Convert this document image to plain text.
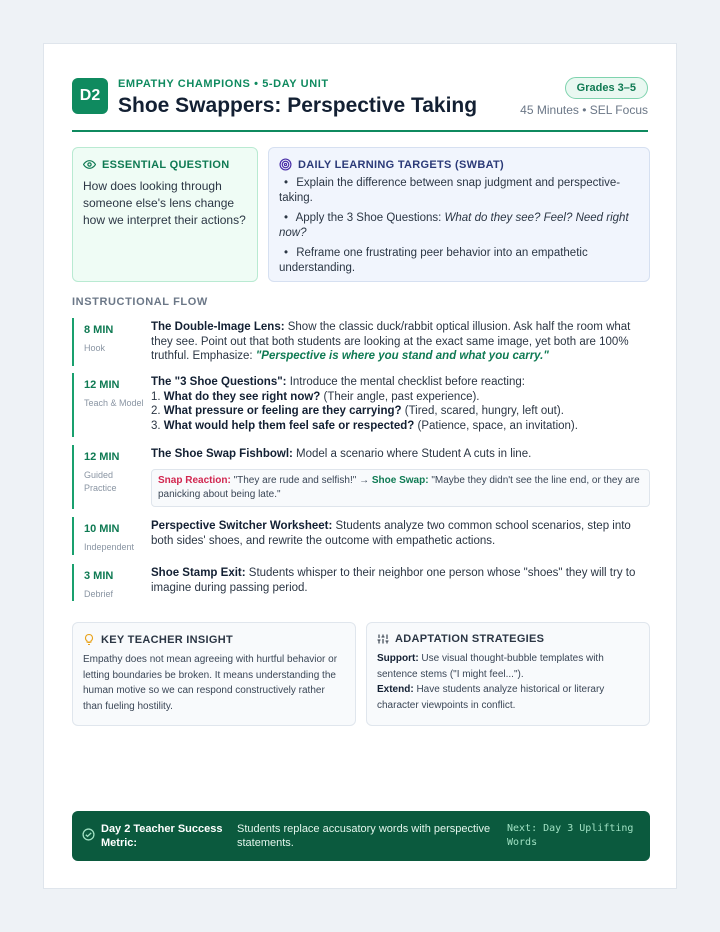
D2
EMPATHY CHAMPIONS • 5-DAY UNIT
Shoe Swappers: Perspective Taking
Grades 3–5
45 Minutes • SEL Focus
ESSENTIAL QUESTION
How does looking through someone else's lens change how we interpret their actions?
DAILY LEARNING TARGETS (SWBAT)
• Explain the difference between snap judgment and perspective-taking.
• Apply the 3 Shoe Questions: What do they see? Feel? Need right now?
• Reframe one frustrating peer behavior into an empathetic understanding.
INSTRUCTIONAL FLOW
8 MIN
Hook
The Double-Image Lens: Show the classic duck/rabbit optical illusion. Ask half the room what they see. Point out that both students are looking at the exact same image, yet both are 100% truthful. Emphasize: "Perspective is where you stand and what you carry."
12 MIN
Teach & Model
The "3 Shoe Questions": Introduce the mental checklist before reacting:
1. What do they see right now? (Their angle, past experience).
2. What pressure or feeling are they carrying? (Tired, scared, hungry, left out).
3. What would help them feel safe or respected? (Patience, space, an invitation).
12 MIN
Guided Practice
The Shoe Swap Fishbowl: Model a scenario where Student A cuts in line.
Snap Reaction: "They are rude and selfish!" → Shoe Swap: "Maybe they didn't see the line end, or they are panicking about being late."
10 MIN
Independent
Perspective Switcher Worksheet: Students analyze two common school scenarios, step into both sides' shoes, and rewrite the outcome with empathetic actions.
3 MIN
Debrief
Shoe Stamp Exit: Students whisper to their neighbor one person whose "shoes" they will try to imagine during passing period.
KEY TEACHER INSIGHT
Empathy does not mean agreeing with hurtful behavior or letting boundaries be broken. It means understanding the human motive so we can respond constructively rather than fueling hostility.
ADAPTATION STRATEGIES
Support: Use visual thought-bubble templates with sentence stems ("I might feel...").
Extend: Have students analyze historical or literary character viewpoints in conflict.
Day 2 Teacher Success Metric:
Students replace accusatory words with perspective statements.
Next: Day 3 Uplifting Words
